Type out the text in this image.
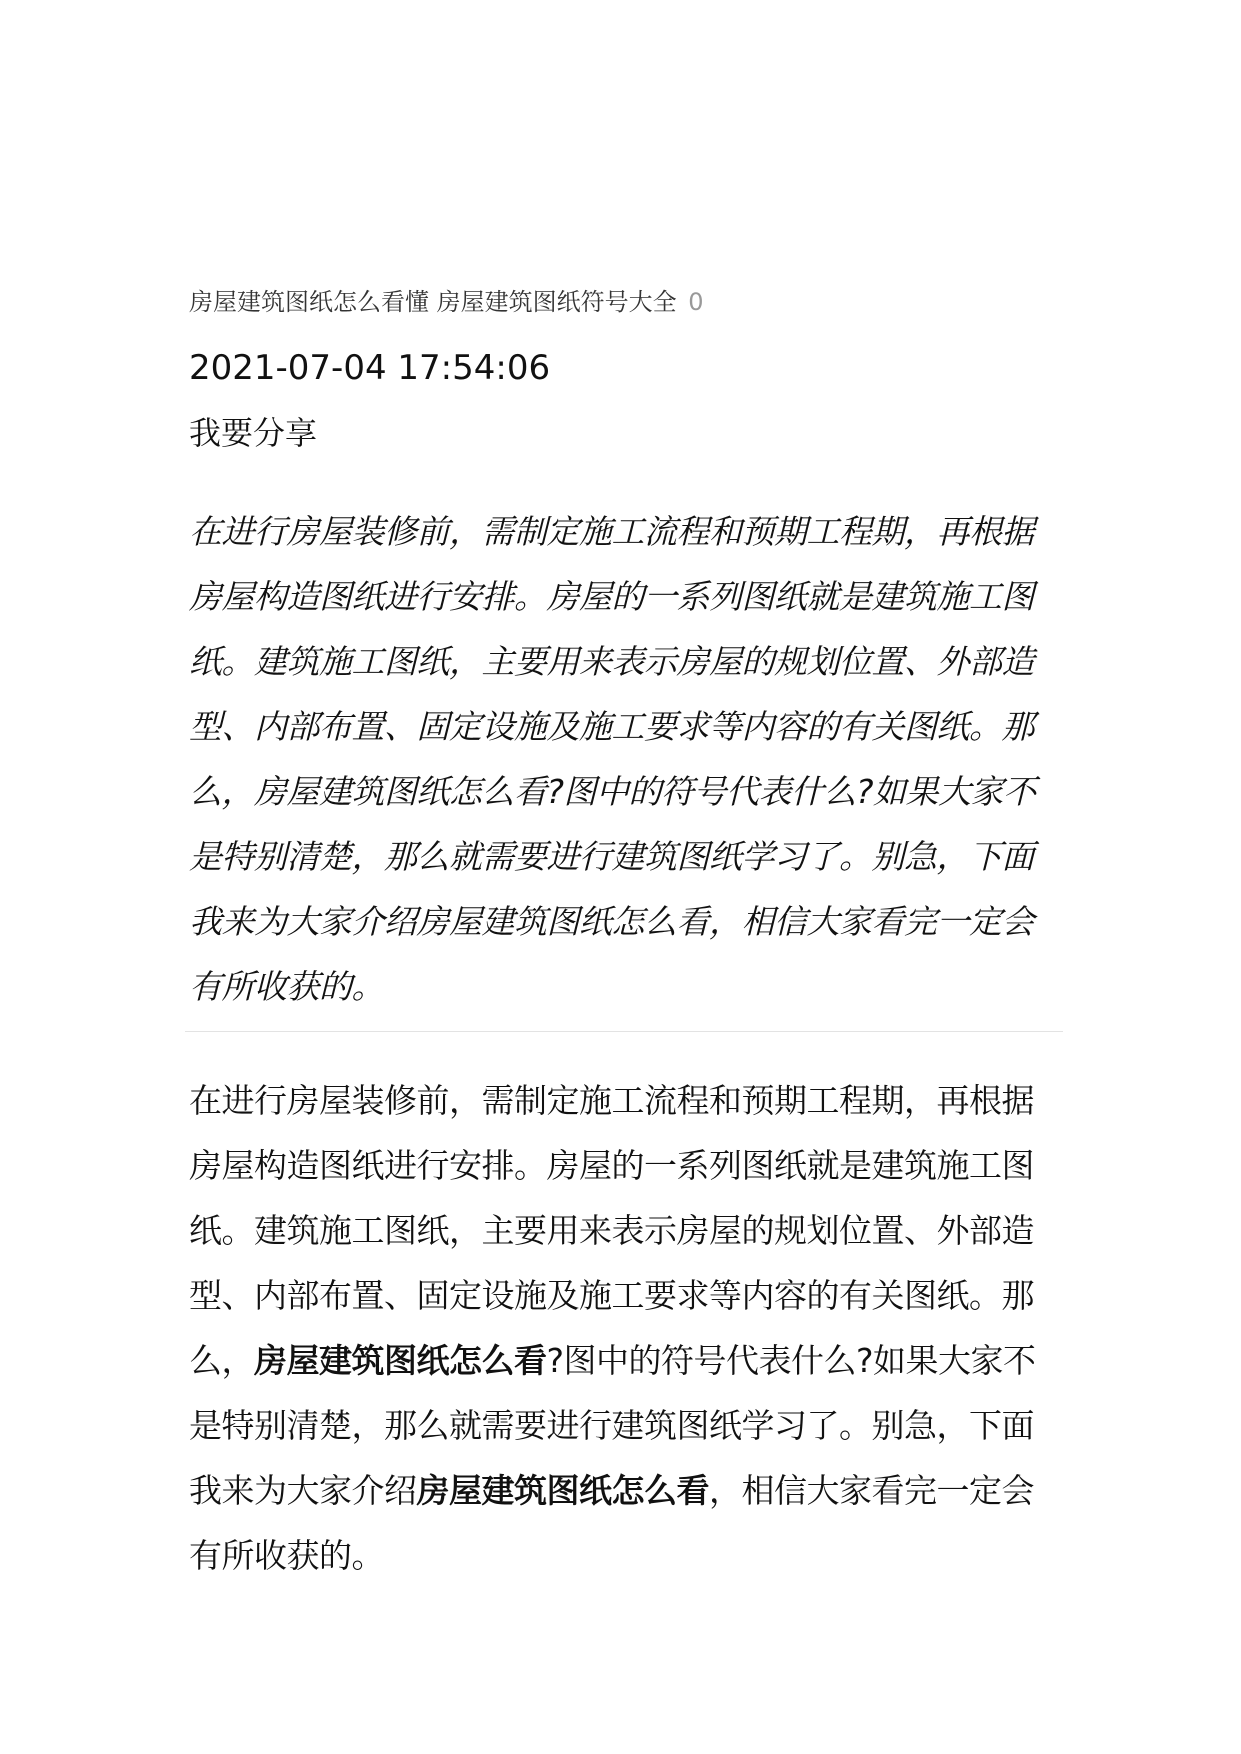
房屋建筑图纸怎么看懂 房屋建筑图纸符号大全 0
2021-07-04 17:54:06
我要分享

在进行房屋装修前，需制定施工流程和预期工程期，再根据房屋构造图纸进行安排。房屋的一系列图纸就是建筑施工图纸。建筑施工图纸，主要用来表示房屋的规划位置、外部造型、内部布置、固定设施及施工要求等内容的有关图纸。那么，房屋建筑图纸怎么看?图中的符号代表什么?如果大家不是特别清楚，那么就需要进行建筑图纸学习了。别急，下面我来为大家介绍房屋建筑图纸怎么看，相信大家看完一定会有所收获的。

在进行房屋装修前，需制定施工流程和预期工程期，再根据房屋构造图纸进行安排。房屋的一系列图纸就是建筑施工图纸。建筑施工图纸，主要用来表示房屋的规划位置、外部造型、内部布置、固定设施及施工要求等内容的有关图纸。那么，房屋建筑图纸怎么看?图中的符号代表什么?如果大家不是特别清楚，那么就需要进行建筑图纸学习了。别急，下面我来为大家介绍房屋建筑图纸怎么看，相信大家看完一定会有所收获的。
